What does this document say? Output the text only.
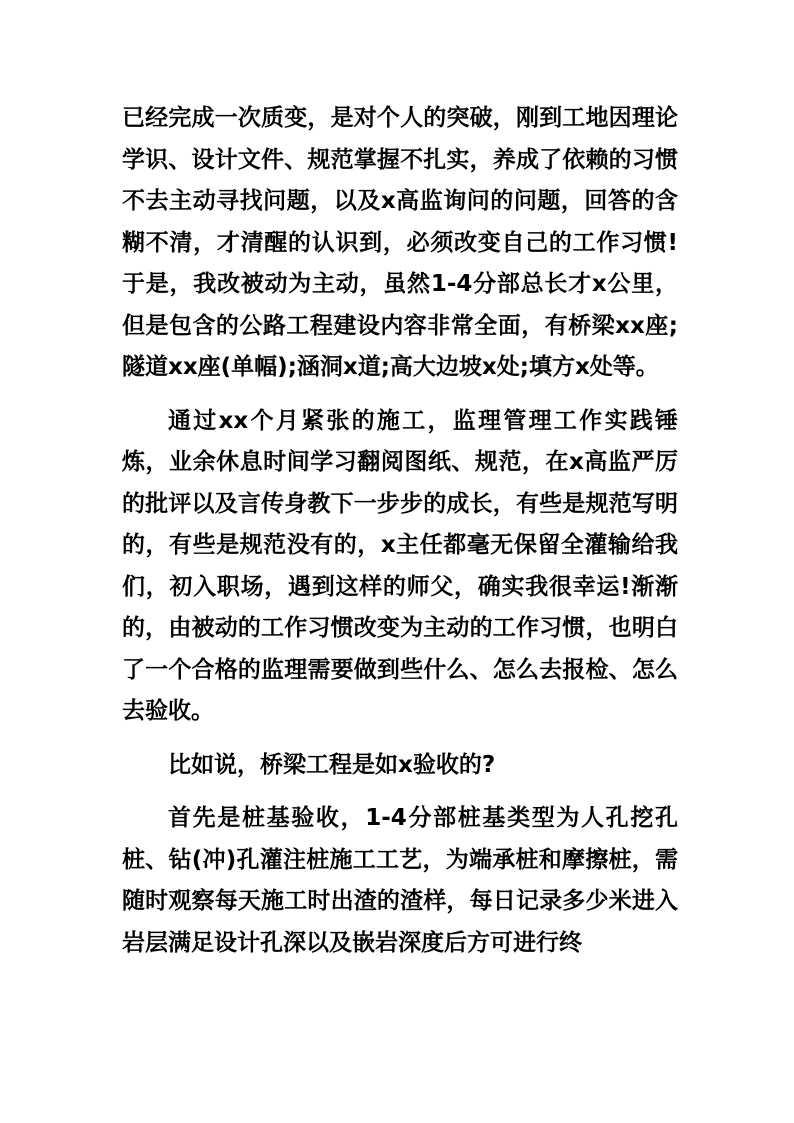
已经完成一次质变，是对个人的突破，刚到工地因理论学识、设计文件、规范掌握不扎实，养成了依赖的习惯不去主动寻找问题，以及x高监询问的问题，回答的含糊不清，才清醒的认识到，必须改变自己的工作习惯!于是，我改被动为主动，虽然1-4分部总长才x公里，但是包含的公路工程建设内容非常全面，有桥梁xx座;隧道xx座(单幅);涵洞x道;高大边坡x处;填方x处等。

通过xx个月紧张的施工，监理管理工作实践锤炼，业余休息时间学习翻阅图纸、规范，在x高监严厉的批评以及言传身教下一步步的成长，有些是规范写明的，有些是规范没有的，x主任都毫无保留全灌输给我们，初入职场，遇到这样的师父，确实我很幸运!渐渐的，由被动的工作习惯改变为主动的工作习惯，也明白了一个合格的监理需要做到些什么、怎么去报检、怎么去验收。

比如说，桥梁工程是如x验收的?

首先是桩基验收，1-4分部桩基类型为人孔挖孔桩、钻(冲)孔灌注桩施工工艺，为端承桩和摩擦桩，需随时观察每天施工时出渣的渣样，每日记录多少米进入岩层满足设计孔深以及嵌岩深度后方可进行终
